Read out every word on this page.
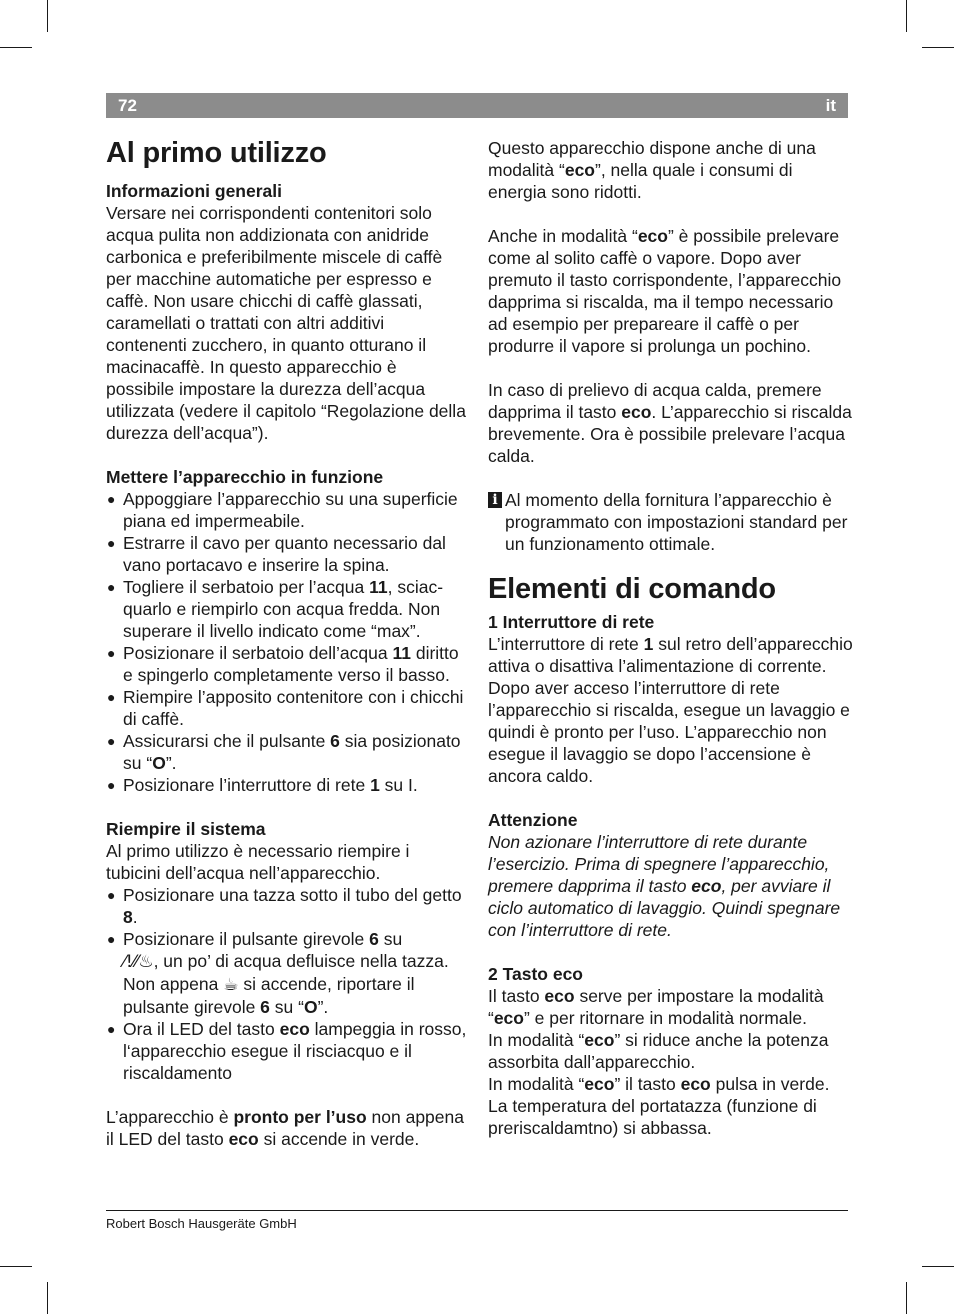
72	it
Al primo utilizzo

Informazioni generali

Versare nei corrispondenti contenitori solo acqua pulita non addizionata con anidride carbonica e preferibilmente miscele di caffè per macchine automatiche per espresso e caffè. Non usare chicchi di caffè glassati, caramellati o trattati con altri additivi contenenti zucchero, in quanto otturano il macinacaffè. In questo apparecchio è possibile impostare la durezza dell’acqua utilizzata (vedere il capitolo “Regolazione della durezza dell’acqua”).

Mettere l’apparecchio in funzione

● Appoggiare l’apparecchio su una superficie piana ed impermeabile.
● Estrarre il cavo per quanto necessario dal vano portacavo e inserire la spina.
● Togliere il serbatoio per l’acqua 11, sciacquarlo e riempirlo con acqua fredda. Non superare il livello indicato come “max”.
● Posizionare il serbatoio dell’acqua 11 diritto e spingerlo completamente verso il basso.
● Riempire l’apposito contenitore con i chicchi di caffè.
● Assicurarsi che il pulsante 6 sia posizionato su “O”.
● Posizionare l’interruttore di rete 1 su I.

Riempire il sistema

Al primo utilizzo è necessario riempire i tubicini dell’acqua nell’apparecchio.

● Posizionare una tazza sotto il tubo del getto 8.
● Posizionare il pulsante girevole 6 su
⁄!⁄⁄♨, un po’ di acqua defluisce nella tazza. Non appena ☕ si accende, riportare il pulsante girevole 6 su “O”.
● Ora il LED del tasto eco lampeggia in rosso, l‘apparecchio esegue il risciacquo e il riscaldamento

L’apparecchio è pronto per l’uso non appena il LED del tasto eco si accende in verde.

Questo apparecchio dispone anche di una modalità “eco”, nella quale i consumi di energia sono ridotti.

Anche in modalità “eco” è possibile prelevare come al solito caffè o vapore. Dopo aver premuto il tasto corrispondente, l’apparecchio dapprima si riscalda, ma il tempo necessario ad esempio per prepareare il caffè o per produrre il vapore si prolunga un pochino.

In caso di prelievo di acqua calda, premere dapprima il tasto eco. L’apparecchio si riscalda brevemente. Ora è possibile prelevare l’acqua calda.

i Al momento della fornitura l’apparecchio è programmato con impostazioni standard per un funzionamento ottimale.
Elementi di comando

1 Interruttore di rete

L’interruttore di rete 1 sul retro dell’apparecchio attiva o disattiva l’alimentazione di corrente.

Dopo aver acceso l’interruttore di rete l’apparecchio si riscalda, esegue un lavaggio e quindi è pronto per l’uso. L’apparecchio non esegue il lavaggio se dopo l’accensione è ancora caldo.

Attenzione

Non azionare l’interruttore di rete durante l’esercizio. Prima di spegnere l’apparecchio, premere dapprima il tasto eco, per avviare il ciclo automatico di lavaggio. Quindi spegnare con l’interruttore di rete.

2 Tasto eco

Il tasto eco serve per impostare la modalità “eco” e per ritornare in modalità normale.

In modalità “eco” si riduce anche la potenza assorbita dall’apparecchio.

In modalità “eco” il tasto eco pulsa in verde. La temperatura del portatazza (funzione di preriscaldamtno) si abbassa.

Robert Bosch Hausgeräte GmbH
